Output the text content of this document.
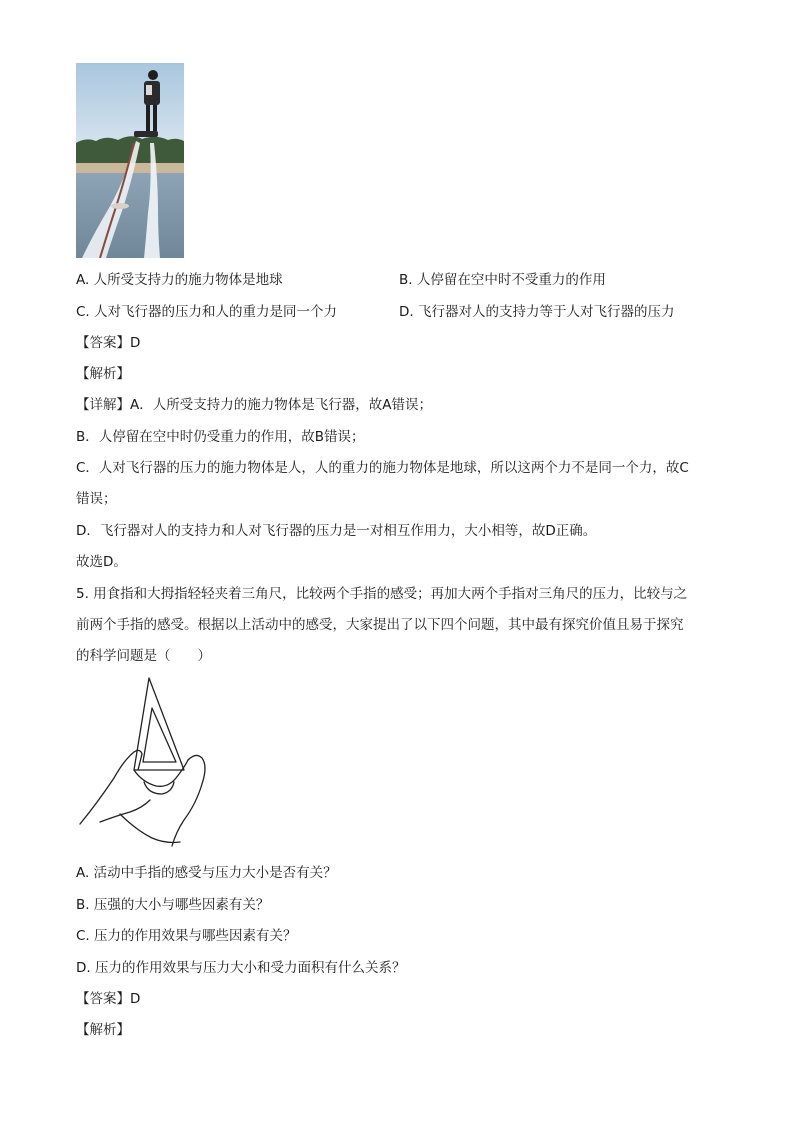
A. 人所受支持力的施力物体是地球	B. 人停留在空中时不受重力的作用
C. 人对飞行器的压力和人的重力是同一个力	D. 飞行器对人的支持力等于人对飞行器的压力
【答案】D
【解析】
【详解】A．人所受支持力的施力物体是飞行器，故A错误；
B．人停留在空中时仍受重力的作用，故B错误；
C．人对飞行器的压力的施力物体是人，人的重力的施力物体是地球，所以这两个力不是同一个力，故C
错误；
D．飞行器对人的支持力和人对飞行器的压力是一对相互作用力，大小相等，故D正确。
故选D。
5. 用食指和大拇指轻轻夹着三角尺，比较两个手指的感受；再加大两个手指对三角尺的压力，比较与之
前两个手指的感受。根据以上活动中的感受，大家提出了以下四个问题，其中最有探究价值且易于探究
的科学问题是（　　）
A. 活动中手指的感受与压力大小是否有关？
B. 压强的大小与哪些因素有关？
C. 压力的作用效果与哪些因素有关？
D. 压力的作用效果与压力大小和受力面积有什么关系？
【答案】D
【解析】
